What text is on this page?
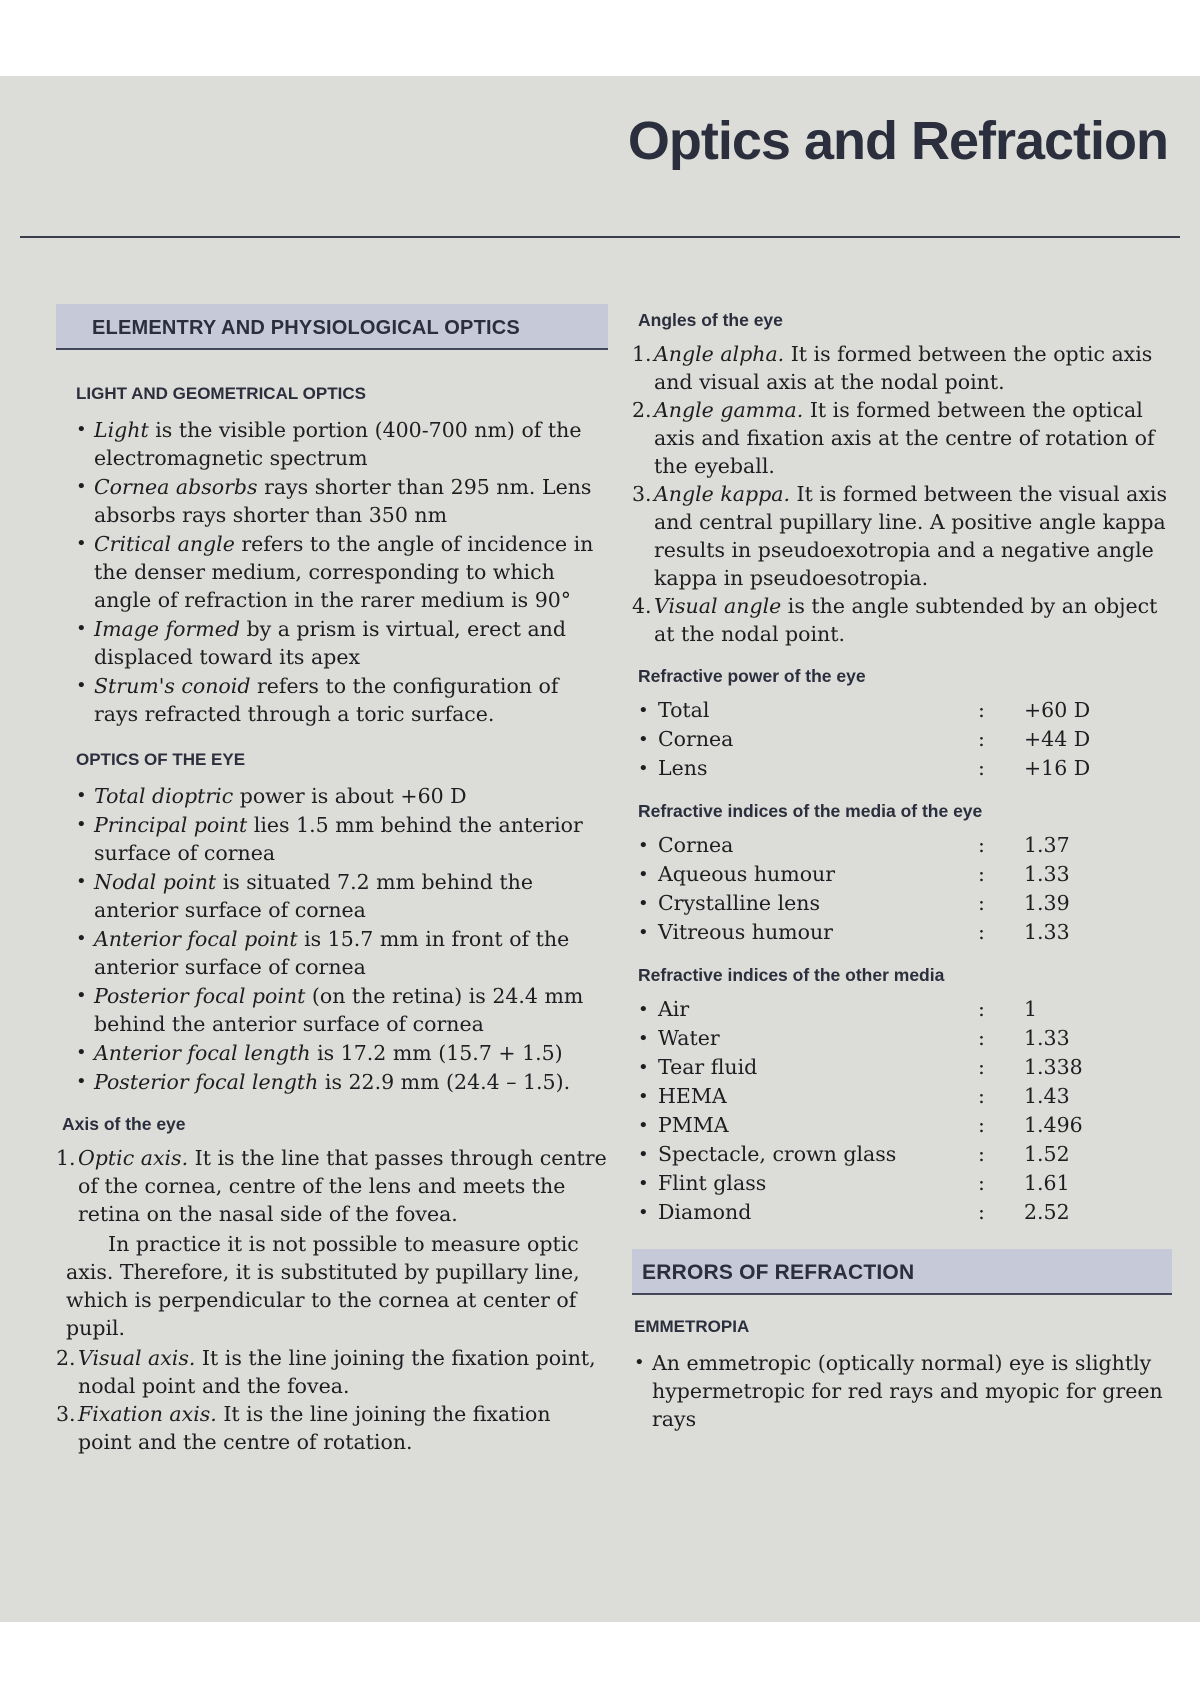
Optics and Refraction
ELEMENTRY AND PHYSIOLOGICAL OPTICS
LIGHT AND GEOMETRICAL OPTICS
• Light is the visible portion (400-700 nm) of the electromagnetic spectrum
• Cornea absorbs rays shorter than 295 nm. Lens absorbs rays shorter than 350 nm
• Critical angle refers to the angle of incidence in the denser medium, corresponding to which angle of refraction in the rarer medium is 90°
• Image formed by a prism is virtual, erect and displaced toward its apex
• Strum's conoid refers to the configuration of rays refracted through a toric surface.
OPTICS OF THE EYE
• Total dioptric power is about +60 D
• Principal point lies 1.5 mm behind the anterior surface of cornea
• Nodal point is situated 7.2 mm behind the anterior surface of cornea
• Anterior focal point is 15.7 mm in front of the anterior surface of cornea
• Posterior focal point (on the retina) is 24.4 mm behind the anterior surface of cornea
• Anterior focal length is 17.2 mm (15.7 + 1.5)
• Posterior focal length is 22.9 mm (24.4 – 1.5).
Axis of the eye
1. Optic axis. It is the line that passes through centre of the cornea, centre of the lens and meets the retina on the nasal side of the fovea.

In practice it is not possible to measure optic axis. Therefore, it is substituted by pupillary line, which is perpendicular to the cornea at center of pupil.

2. Visual axis. It is the line joining the fixation point, nodal point and the fovea.
3. Fixation axis. It is the line joining the fixation point and the centre of rotation.
Angles of the eye
1. Angle alpha. It is formed between the optic axis and visual axis at the nodal point.
2. Angle gamma. It is formed between the optical axis and fixation axis at the centre of rotation of the eyeball.
3. Angle kappa. It is formed between the visual axis and central pupillary line. A positive angle kappa results in pseudoexotropia and a negative angle kappa in pseudoesotropia.
4. Visual angle is the angle subtended by an object at the nodal point.
Refractive power of the eye
• Total	:	+60 D
• Cornea	:	+44 D
• Lens	:	+16 D
Refractive indices of the media of the eye
• Cornea	:	1.37
• Aqueous humour	:	1.33
• Crystalline lens	:	1.39
• Vitreous humour	:	1.33
Refractive indices of the other media
• Air	:	1
• Water	:	1.33
• Tear fluid	:	1.338
• HEMA	:	1.43
• PMMA	:	1.496
• Spectacle, crown glass	:	1.52
• Flint glass	:	1.61
• Diamond	:	2.52
ERRORS OF REFRACTION
EMMETROPIA
• An emmetropic (optically normal) eye is slightly hypermetropic for red rays and myopic for green rays
